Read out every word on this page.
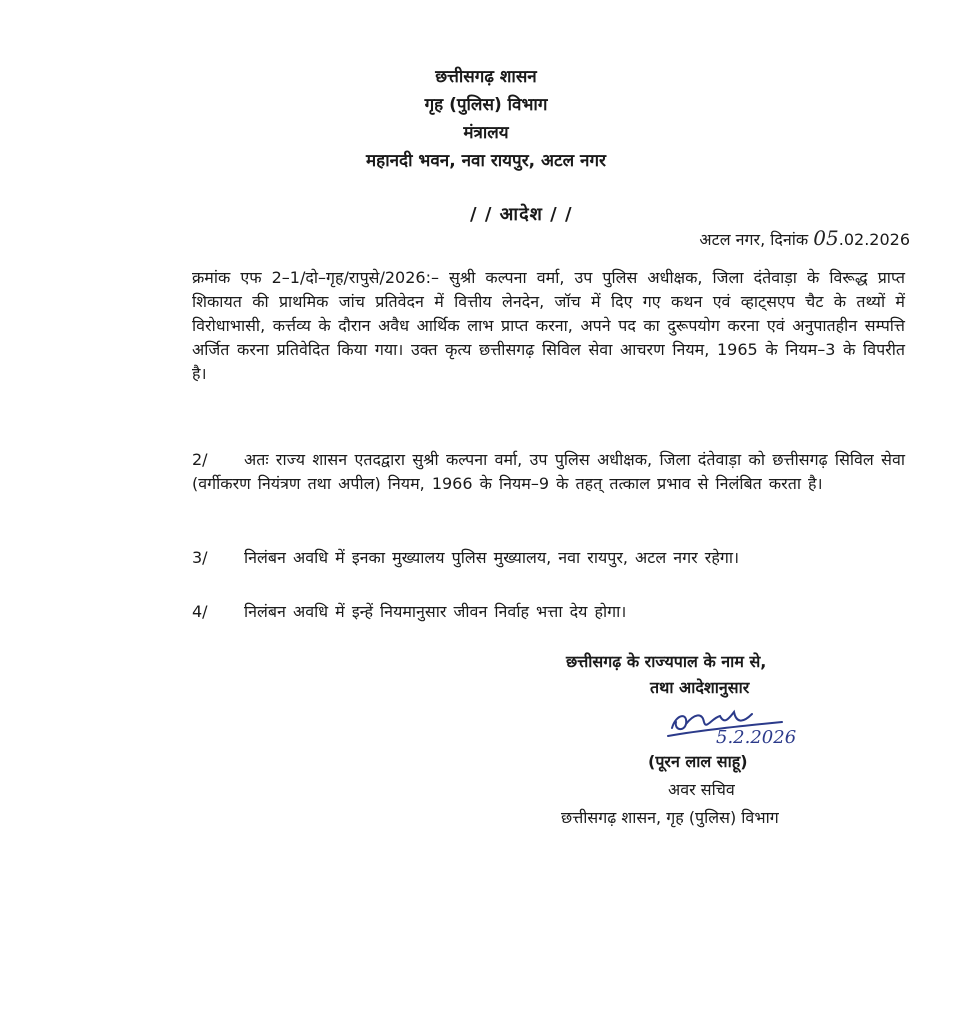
छत्तीसगढ़ शासन
गृह (पुलिस) विभाग
मंत्रालय
महानदी भवन, नवा रायपुर, अटल नगर
/ / आदेश / /
अटल नगर, दिनांक 05.02.2026
क्रमांक एफ 2–1/दो–गृह/रापुसे/2026:– सुश्री कल्पना वर्मा, उप पुलिस अधीक्षक, जिला दंतेवाड़ा के विरूद्ध प्राप्त शिकायत की प्राथमिक जांच प्रतिवेदन में वित्तीय लेनदेन, जॉच में दिए गए कथन एवं व्हाट्सएप चैट के तथ्यों में विरोधाभासी, कर्त्तव्य के दौरान अवैध आर्थिक लाभ प्राप्त करना, अपने पद का दुरूपयोग करना एवं अनुपातहीन सम्पत्ति अर्जित करना प्रतिवेदित किया गया। उक्त कृत्य छत्तीसगढ़ सिविल सेवा आचरण नियम, 1965 के नियम–3 के विपरीत है।
2/ अतः राज्य शासन एतदद्वारा सुश्री कल्पना वर्मा, उप पुलिस अधीक्षक, जिला दंतेवाड़ा को छत्तीसगढ़ सिविल सेवा (वर्गीकरण नियंत्रण तथा अपील) नियम, 1966 के नियम–9 के तहत् तत्काल प्रभाव से निलंबित करता है।
3/ निलंबन अवधि में इनका मुख्यालय पुलिस मुख्यालय, नवा रायपुर, अटल नगर रहेगा।
4/ निलंबन अवधि में इन्हें नियमानुसार जीवन निर्वाह भत्ता देय होगा।
छत्तीसगढ़ के राज्यपाल के नाम से,
तथा आदेशानुसार
5.2.2026
(पूरन लाल साहू)
अवर सचिव
छत्तीसगढ़ शासन, गृह (पुलिस) विभाग
